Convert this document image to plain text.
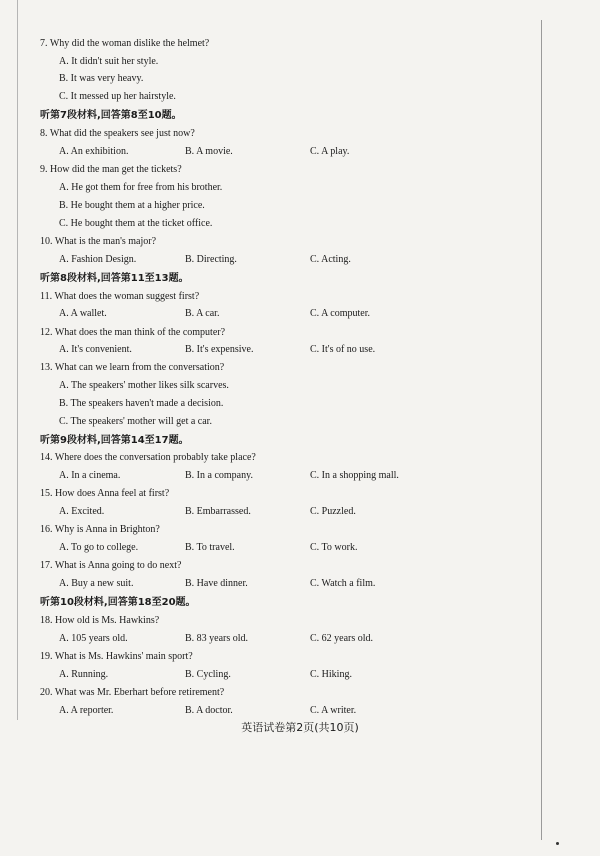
7. Why did the woman dislike the helmet?
A. It didn't suit her style.
B. It was very heavy.
C. It messed up her hairstyle.
听第7段材料,回答第8至10题。
8. What did the speakers see just now?
A. An exhibition.	B. A movie.	C. A play.
9. How did the man get the tickets?
A. He got them for free from his brother.
B. He bought them at a higher price.
C. He bought them at the ticket office.
10. What is the man's major?
A. Fashion Design.	B. Directing.	C. Acting.
听第8段材料,回答第11至13题。
11. What does the woman suggest first?
A. A wallet.	B. A car.	C. A computer.
12. What does the man think of the computer?
A. It's convenient.	B. It's expensive.	C. It's of no use.
13. What can we learn from the conversation?
A. The speakers' mother likes silk scarves.
B. The speakers haven't made a decision.
C. The speakers' mother will get a car.
听第9段材料,回答第14至17题。
14. Where does the conversation probably take place?
A. In a cinema.	B. In a company.	C. In a shopping mall.
15. How does Anna feel at first?
A. Excited.	B. Embarrassed.	C. Puzzled.
16. Why is Anna in Brighton?
A. To go to college.	B. To travel.	C. To work.
17. What is Anna going to do next?
A. Buy a new suit.	B. Have dinner.	C. Watch a film.
听第10段材料,回答第18至20题。
18. How old is Ms. Hawkins?
A. 105 years old.	B. 83 years old.	C. 62 years old.
19. What is Ms. Hawkins' main sport?
A. Running.	B. Cycling.	C. Hiking.
20. What was Mr. Eberhart before retirement?
A. A reporter.	B. A doctor.	C. A writer.
英语试卷第2页(共10页)
